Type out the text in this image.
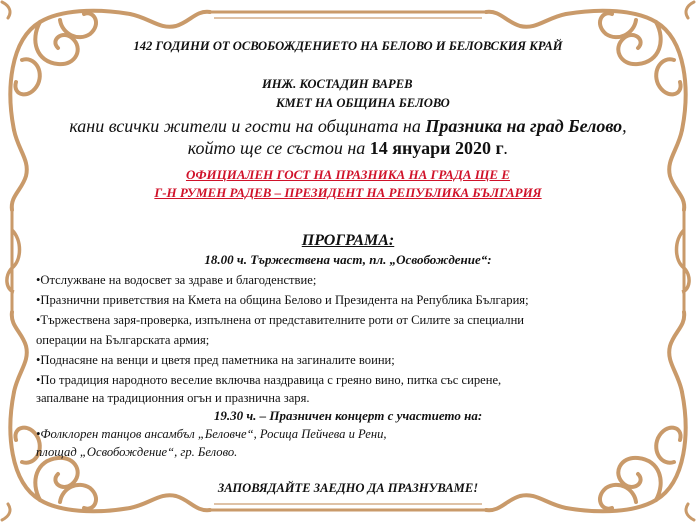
142 ГОДИНИ ОТ ОСВОБОЖДЕНИЕТО НА БЕЛОВО И БЕЛОВСКИЯ КРАЙ
ИНЖ. КОСТАДИН ВАРЕВ
КМЕТ НА ОБЩИНА БЕЛОВО
кани всички жители и гости на общината на Празника на град Белово,
който ще се състои на 14 януари 2020 г.
ОФИЦИАЛЕН ГОСТ НА ПРАЗНИКА НА ГРАДА ЩЕ Е
Г-Н РУМЕН РАДЕВ – ПРЕЗИДЕНТ НА РЕПУБЛИКА БЪЛГАРИЯ
ПРОГРАМА:
18.00 ч. Тържествена част, пл. „Освобождение“:
•Отслужване на водосвет за здраве и благоденствие;
•Празнични приветствия на Кмета на община Белово и Президента на Република България;
•Тържествена заря-проверка, изпълнена от представителните роти от Силите за специални
операции на Българската армия;
•Поднасяне на венци и цветя пред паметника на загиналите воини;
•По традиция народното веселие включва наздравица с греяно вино, питка със сирене,
запалване на традиционния огън и празнична заря.
19.30 ч. – Празничен концерт с участието на:
•Фолклорен танцов ансамбъл „Беловче“, Росица Пейчева и Рени,
площад „Освобождение“, гр. Белово.
ЗАПОВЯДАЙТЕ ЗАЕДНО ДА ПРАЗНУВАМЕ!
